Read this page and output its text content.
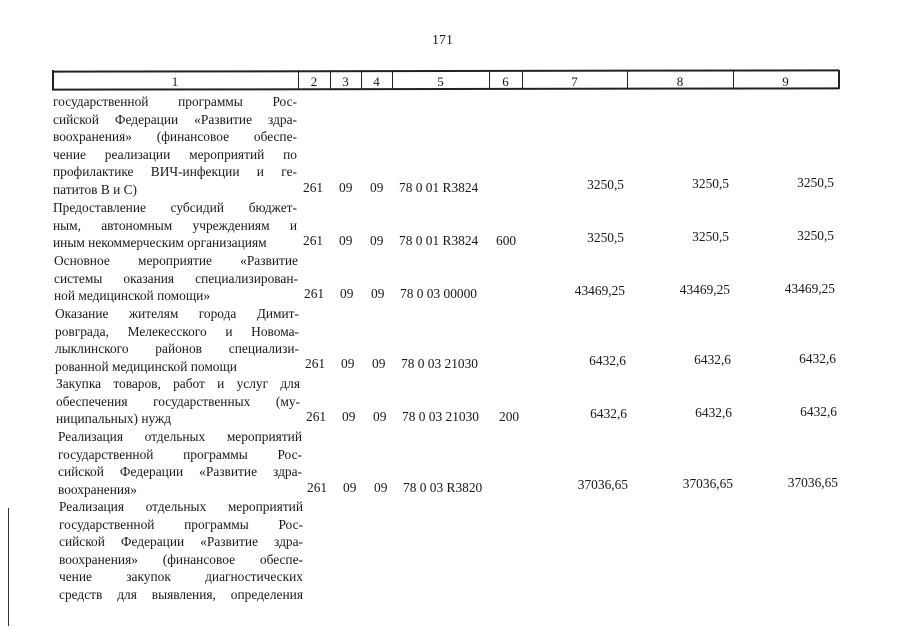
171
1	2	3	4	5	6	7	8	9
государственной программы Рос-
сийской Федерации «Развитие здра-
воохранения» (финансовое обеспе-
чение реализации мероприятий по
профилактике ВИЧ-инфекции и ге-
патитов В и С)	261 09 09 78 0 01 R3824	3250,5	3250,5	3250,5
Предоставление субсидий бюджет-
ным, автономным учреждениям и
иным некоммерческим организациям	261 09 09 78 0 01 R3824 600	3250,5	3250,5	3250,5
Основное мероприятие «Развитие
системы оказания специализирован-
ной медицинской помощи»	261 09 09 78 0 03 00000	43469,25	43469,25	43469,25
Оказание жителям города Димит-
ровграда, Мелекесского и Новома-
лыклинского районов специализи-
рованной медицинской помощи	261 09 09 78 0 03 21030	6432,6	6432,6	6432,6
Закупка товаров, работ и услуг для
обеспечения государственных (му-
ниципальных) нужд	261 09 09 78 0 03 21030 200	6432,6	6432,6	6432,6
Реализация отдельных мероприятий
государственной программы Рос-
сийской Федерации «Развитие здра-
воохранения»	261 09 09 78 0 03 R3820	37036,65	37036,65	37036,65
Реализация отдельных мероприятий
государственной программы Рос-
сийской Федерации «Развитие здра-
воохранения» (финансовое обеспе-
чение закупок диагностических
средств для выявления, определения
